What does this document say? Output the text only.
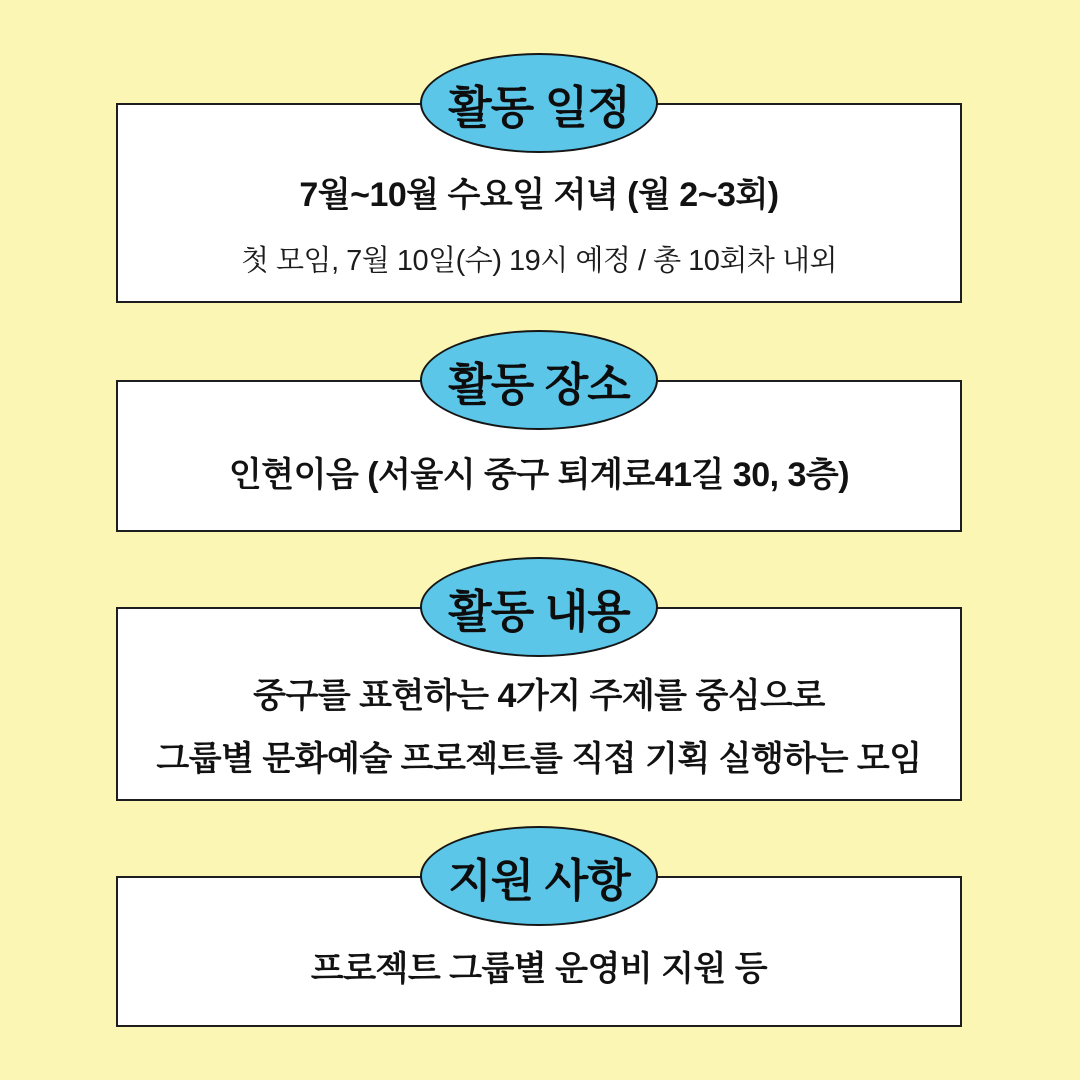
활동 일정
7월~10월 수요일 저녁 (월 2~3회)
첫 모임, 7월 10일(수) 19시 예정 / 총 10회차 내외
활동 장소
인현이음 (서울시 중구 퇴계로41길 30, 3층)
활동 내용
중구를 표현하는 4가지 주제를 중심으로
그룹별 문화예술 프로젝트를 직접 기획 실행하는 모임
지원 사항
프로젝트 그룹별 운영비 지원 등
